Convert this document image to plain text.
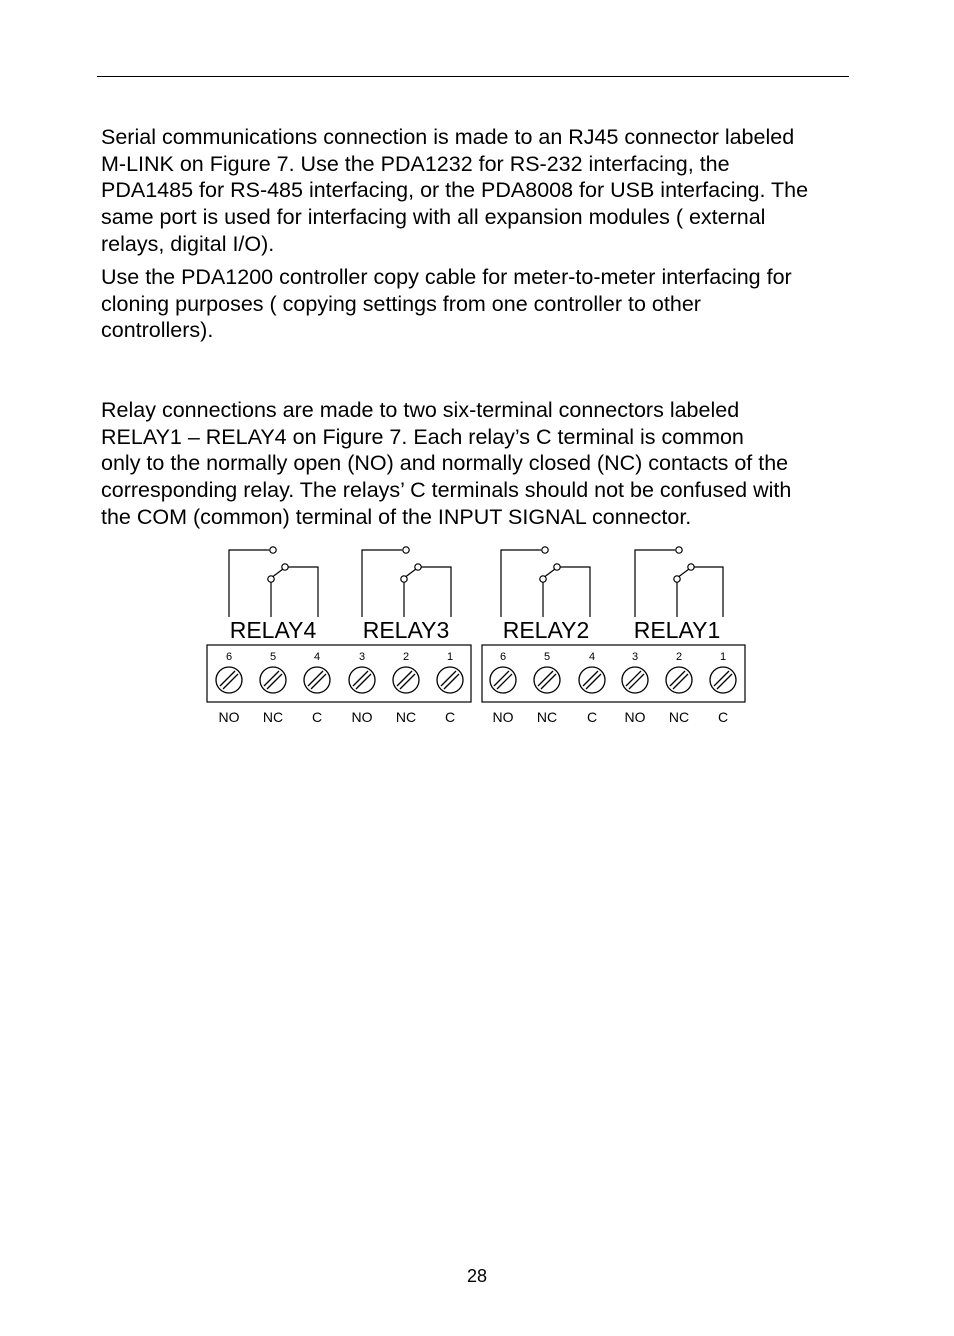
Serial communications connection is made to an RJ45 connector labeled
M-LINK on Figure 7. Use the PDA1232 for RS-232 interfacing, the
PDA1485 for RS-485 interfacing, or the PDA8008 for USB interfacing. The
same port is used for interfacing with all expansion modules ( external
relays, digital I/O).

Use the PDA1200 controller copy cable for meter-to-meter interfacing for
cloning purposes ( copying settings from one controller to other
controllers).

Relay connections are made to two six-terminal connectors labeled
RELAY1 – RELAY4 on Figure 7. Each relay’s C terminal is common
only to the normally open (NO) and normally closed (NC) contacts of the
corresponding relay. The relays’ C terminals should not be confused with
the COM (common) terminal of the INPUT SIGNAL connector.

RELAY4 RELAY3 RELAY2 RELAY1
6
NO
5
NC
4
C
3
NO
2
NC
1
C
6
NO
5
NC
4
C
3
NO
2
NC
1
C
28
